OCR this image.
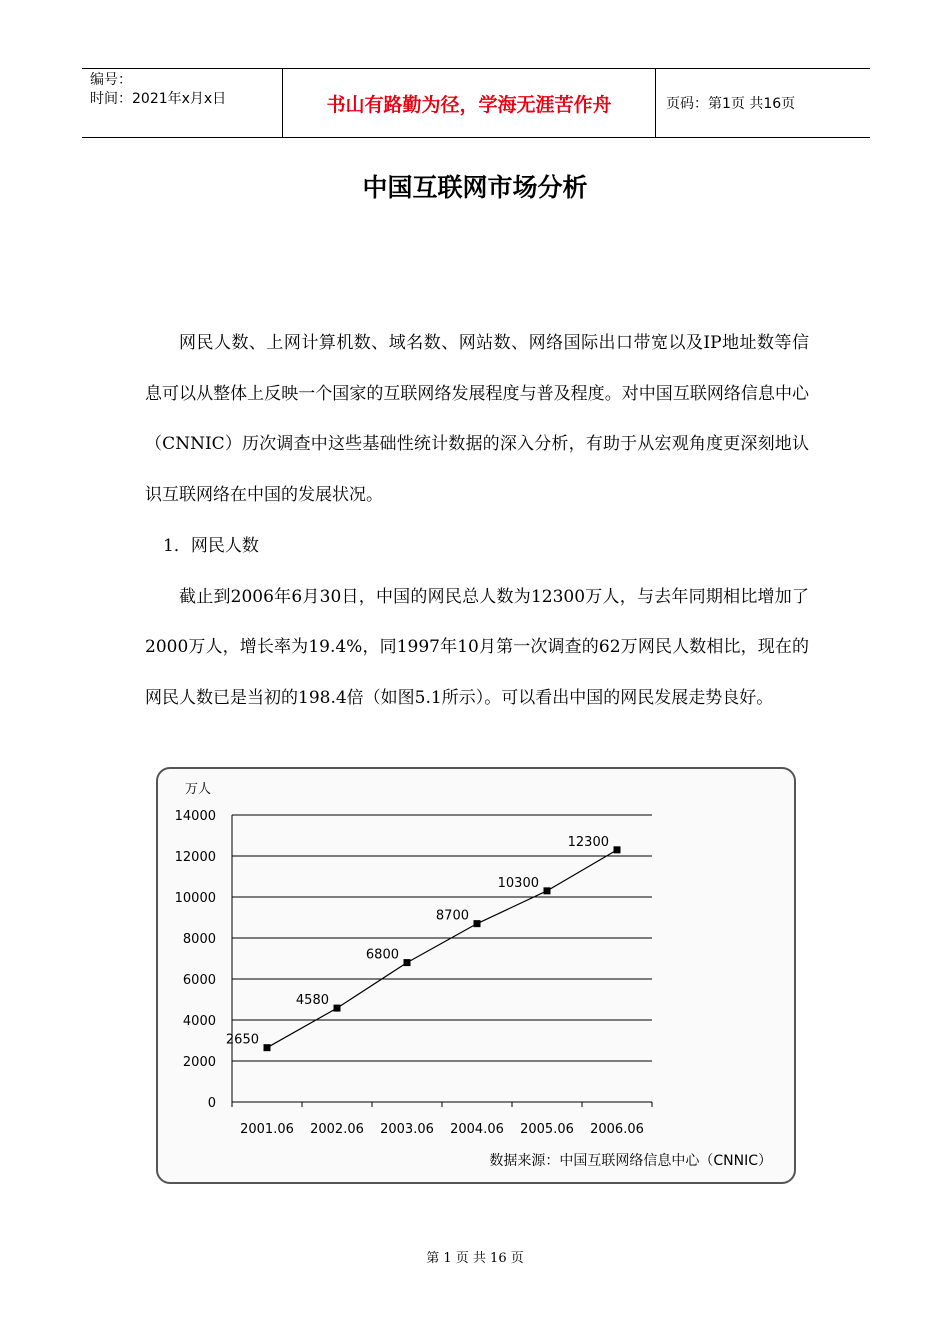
编号：
时间：2021年x月x日	书山有路勤为径，学海无涯苦作舟	页码：第1页 共16页
中国互联网市场分析

网民人数、上网计算机数、域名数、网站数、网络国际出口带宽以及IP地址数等信息可以从整体上反映一个国家的互联网络发展程度与普及程度。对中国互联网络信息中心（CNNIC）历次调查中这些基础性统计数据的深入分析，有助于从宏观角度更深刻地认识互联网络在中国的发展状况。

1．网民人数

截止到2006年6月30日，中国的网民总人数为12300万人，与去年同期相比增加了2000万人，增长率为19.4%，同1997年10月第一次调查的62万网民人数相比，现在的网民人数已是当初的198.4倍（如图5.1所示）。可以看出中国的网民发展走势良好。

0
2000
4000
6000
8000
10000
12000
14000
2001.06 2002.06 2003.06 2004.06 2005.06 2006.06
万人
2650
4580
6800
8700
10300
12300
数据来源：中国互联网络信息中心（CNNIC）
第 1 页 共 16 页
